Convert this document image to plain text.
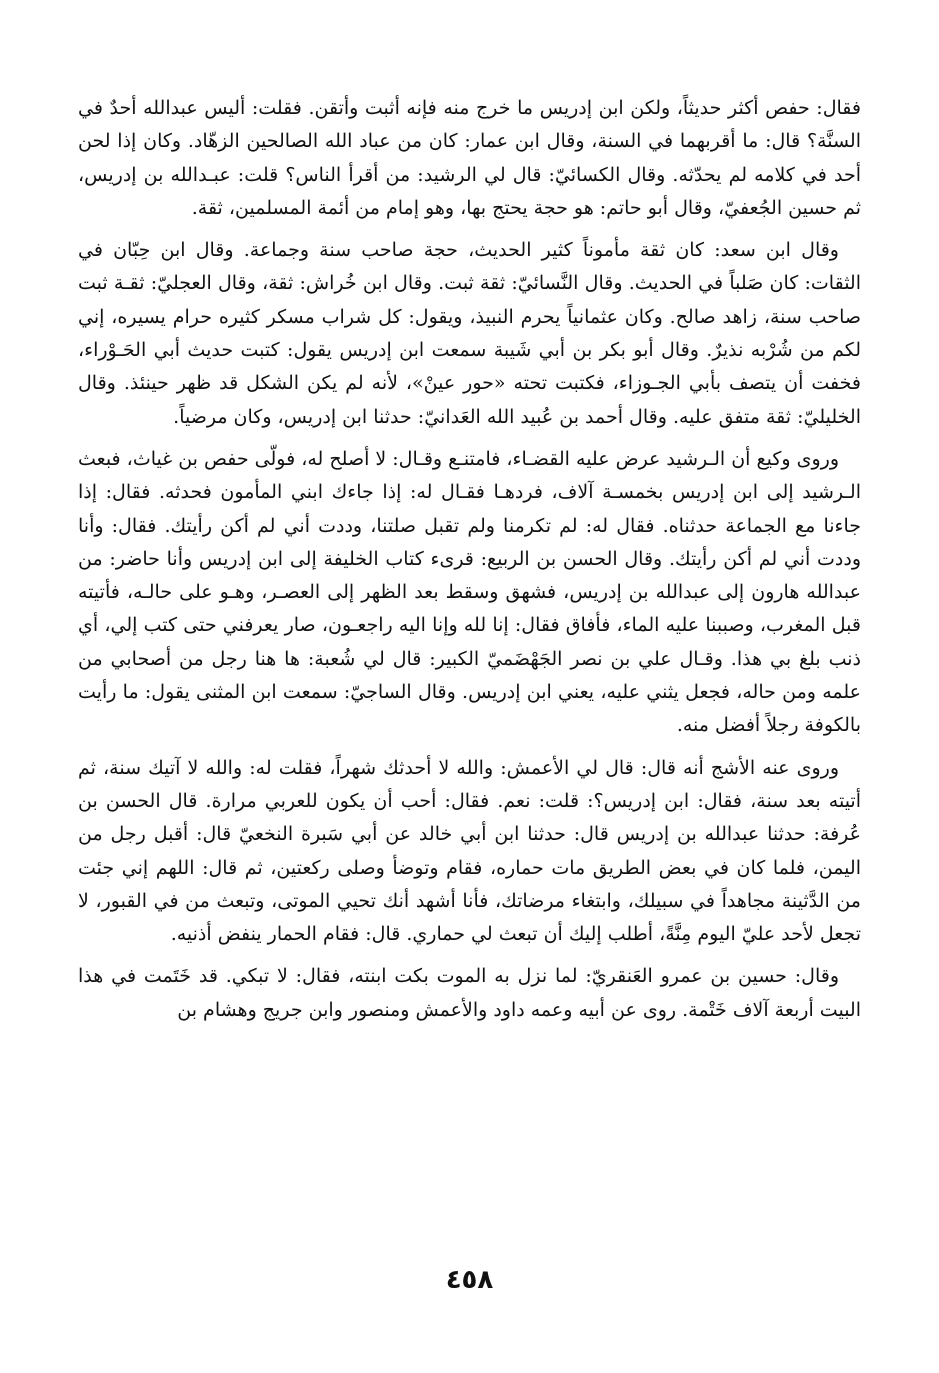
فقال: حفص أكثر حديثاً، ولكن ابن إدريس ما خرج منه فإنه أثبت وأتقن. فقلت: أليس عبدالله أحدٌ في السنَّة؟ قال: ما أقربهما في السنة، وقال ابن عمار: كان من عباد الله الصالحين الزهّاد. وكان إذا لحن أحد في كلامه لم يحدّثه. وقال الكسائيّ: قال لي الرشيد: من أقرأ الناس؟ قلت: عبـدالله بن إدريس، ثم حسين الجُعفيّ، وقال أبو حاتم: هو حجة يحتج بها، وهو إمام من أئمة المسلمين، ثقة.

وقال ابن سعد: كان ثقة مأموناً كثير الحديث، حجة صاحب سنة وجماعة. وقال ابن حِبّان في الثقات: كان صَلباً في الحديث. وقال النَّسائيّ: ثقة ثبت. وقال ابن خُراش: ثقة، وقال العجليّ: ثقـة ثبت صاحب سنة، زاهد صالح. وكان عثمانياً يحرم النبيذ، ويقول: كل شراب مسكر كثيره حرام يسيره، إني لكم من شُرْبه نذيرٌ. وقال أبو بكر بن أبي شَيبة سمعت ابن إدريس يقول: كتبت حديث أبي الحَـوْراء، فخفت أن يتصف بأبي الجـوزاء، فكتبت تحته «حور عينْ»، لأنه لم يكن الشكل قد ظهر حينئذ. وقال الخليليّ: ثقة متفق عليه. وقال أحمد بن عُبيد الله العَدانيّ: حدثنا ابن إدريس، وكان مرضياً.

وروى وكيع أن الـرشيد عرض عليه القضـاء، فامتنـع وقـال: لا أصلح له، فولّى حفص بن غياث، فبعث الـرشيد إلى ابن إدريس بخمسـة آلاف، فردهـا فقـال له: إذا جاءك ابني المأمون فحدثه. فقال: إذا جاءنا مع الجماعة حدثناه. فقال له: لم تكرمنا ولم تقبل صلتنا، وددت أني لم أكن رأيتك. فقال: وأنا وددت أني لم أكن رأيتك. وقال الحسن بن الربيع: قرىء كتاب الخليفة إلى ابن إدريس وأنا حاضر: من عبدالله هارون إلى عبدالله بن إدريس، فشهق وسقط بعد الظهر إلى العصـر، وهـو على حالـه، فأتيته قبل المغرب، وصببنا عليه الماء، فأفاق فقال: إنا لله وإنا اليه راجعـون، صار يعرفني حتى كتب إلي، أي ذنب بلغ بي هذا. وقـال علي بن نصر الجَهْضَميّ الكبير: قال لي شُعبة: ها هنا رجل من أصحابي من علمه ومن حاله، فجعل يثني عليه، يعني ابن إدريس. وقال الساجيّ: سمعت ابن المثنى يقول: ما رأيت بالكوفة رجلاً أفضل منه.

وروى عنه الأشج أنه قال: قال لي الأعمش: والله لا أحدثك شهراً، فقلت له: والله لا آتيك سنة، ثم أتيته بعد سنة، فقال: ابن إدريس؟: قلت: نعم. فقال: أحب أن يكون للعربي مرارة. قال الحسن بن عُرفة: حدثنا عبدالله بن إدريس قال: حدثنا ابن أبي خالد عن أبي سَبرة النخعيّ قال: أقبل رجل من اليمن، فلما كان في بعض الطريق مات حماره، فقام وتوضأ وصلى ركعتين، ثم قال: اللهم إني جئت من الدَّثينة مجاهداً في سبيلك، وابتغاء مرضاتك، فأنا أشهد أنك تحيي الموتى، وتبعث من في القبور، لا تجعل لأحد عليّ اليوم مِنَّةً، أطلب إليك أن تبعث لي حماري. قال: فقام الحمار ينفض أذنيه.

وقال: حسين بن عمرو العَنقريّ: لما نزل به الموت بكت ابنته، فقال: لا تبكي. قد خَتَمت في هذا البيت أربعة آلاف خَتْمة. روى عن أبيه وعمه داود والأعمش ومنصور وابن جريج وهشام بن

٤٥٨
